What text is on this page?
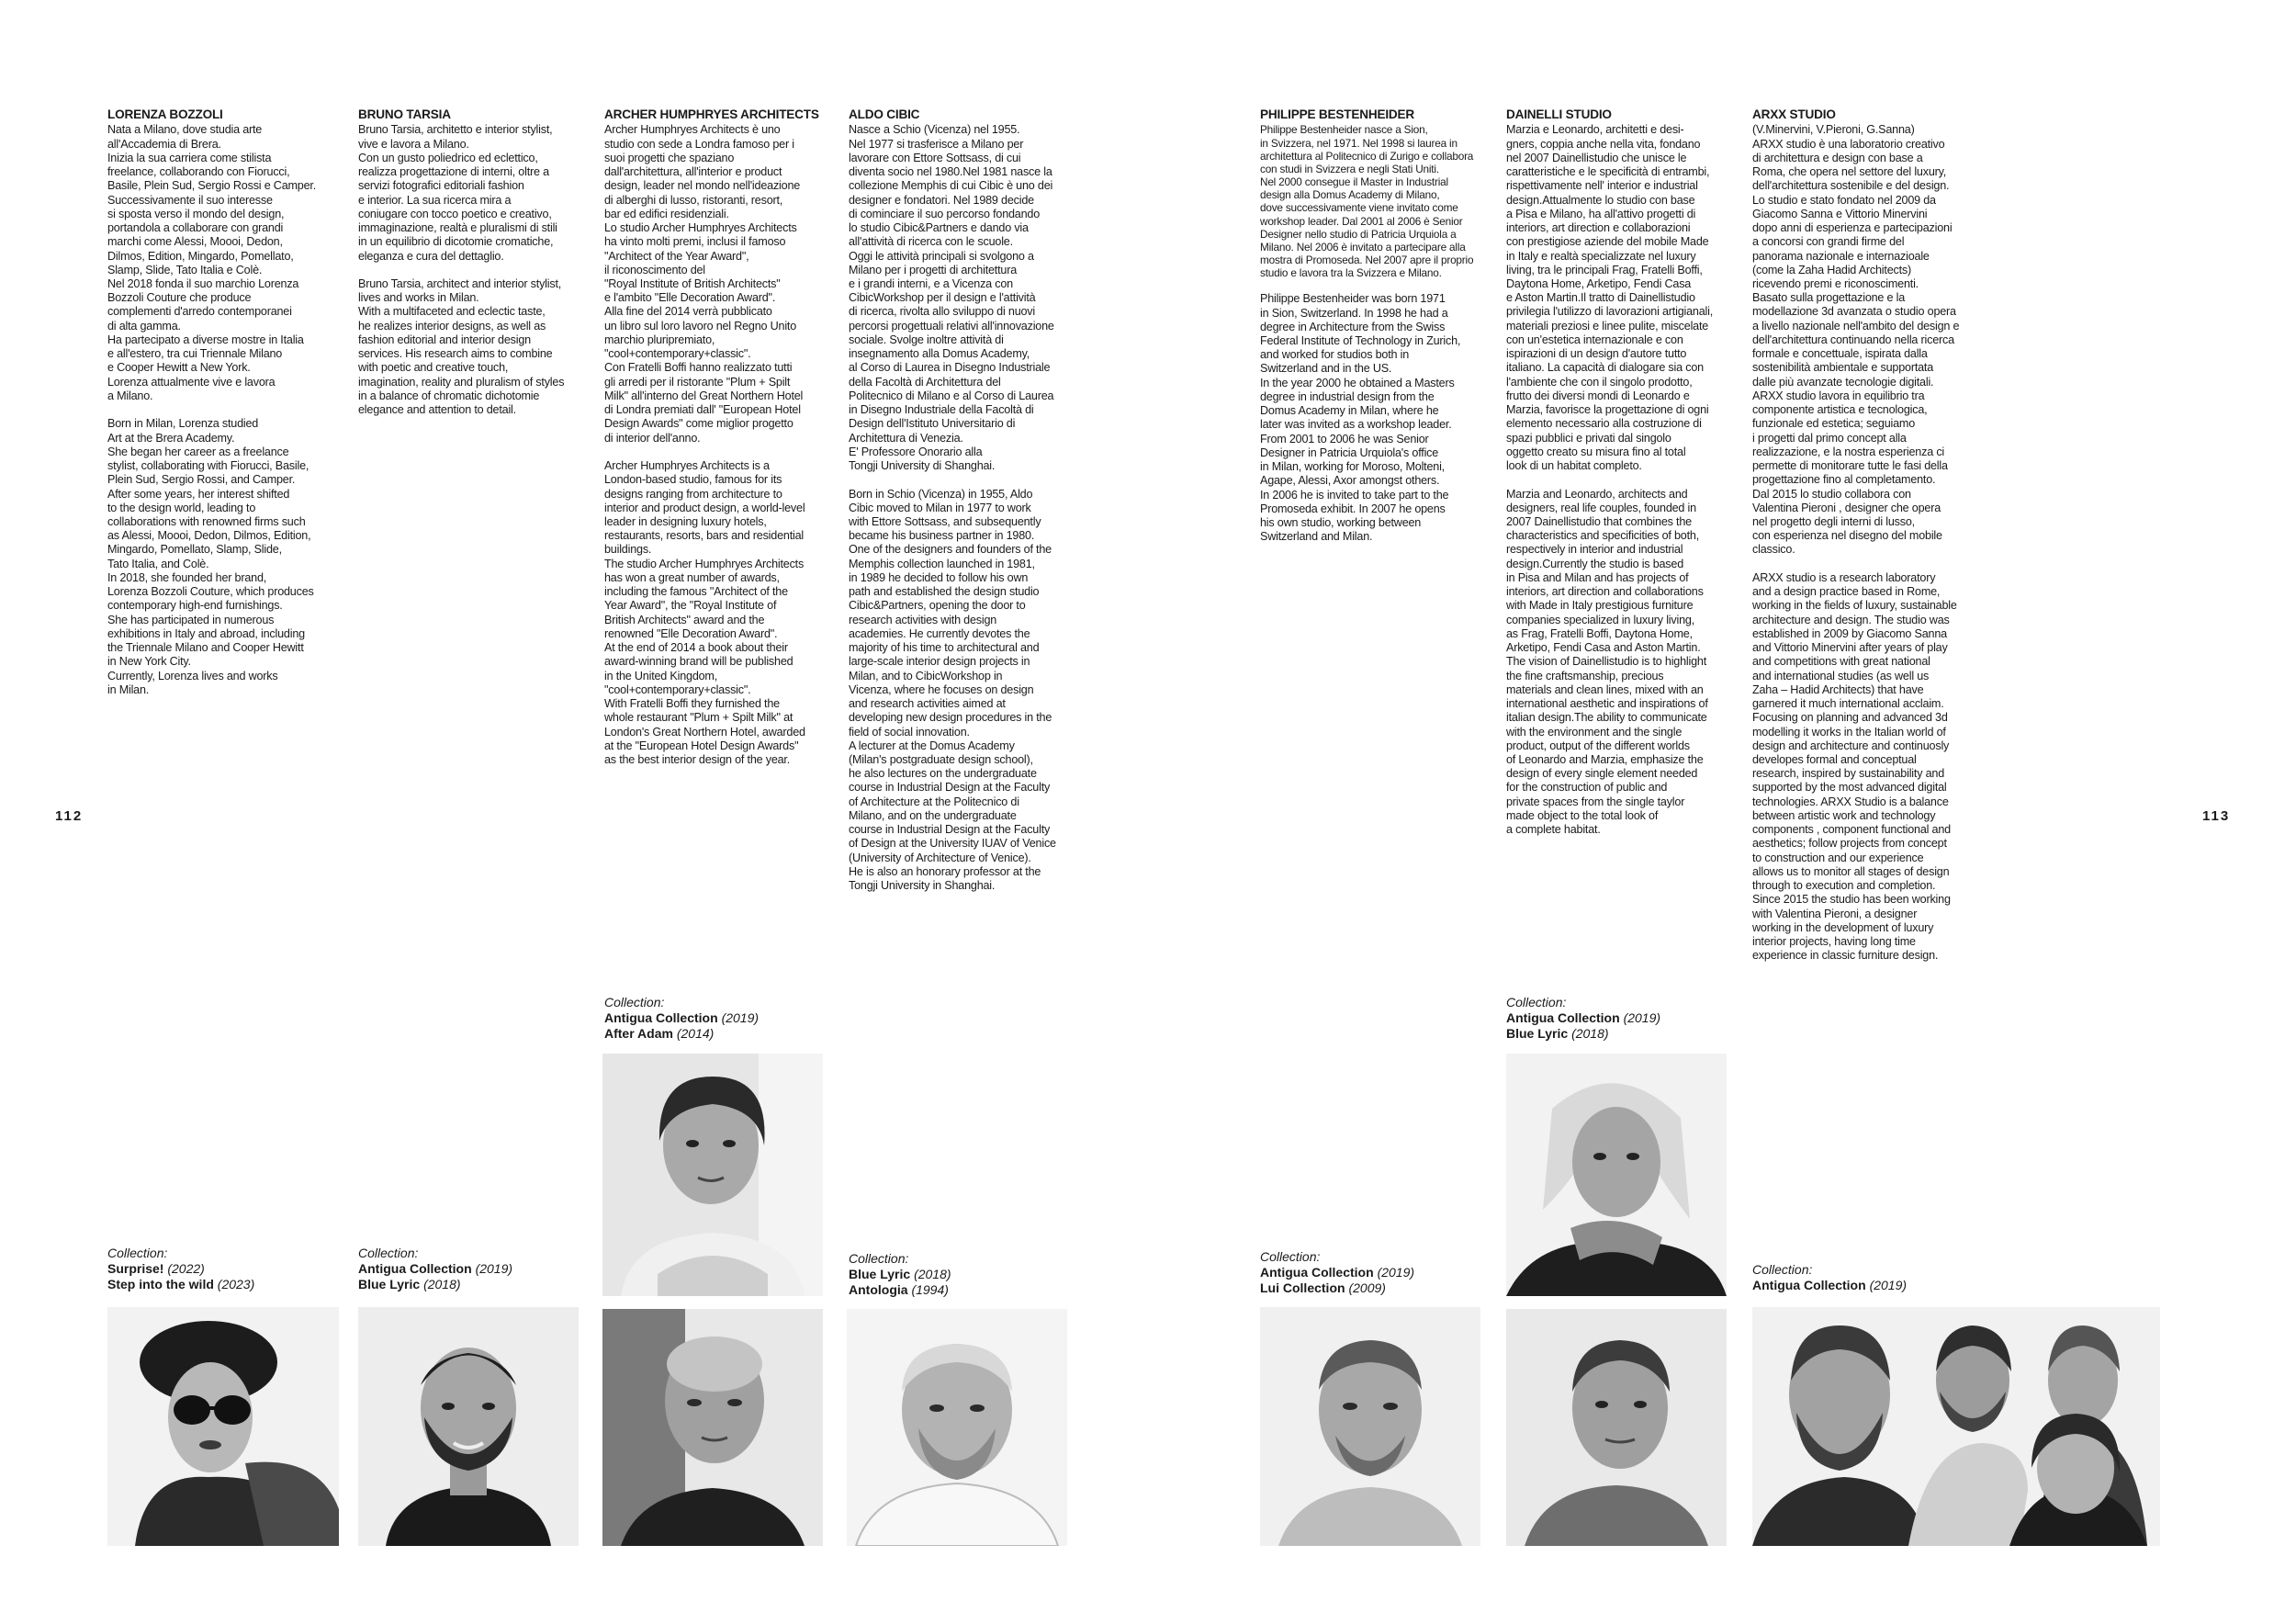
112	113
LORENZA BOZZOLI
Nata a Milano, dove studia arte
all'Accademia di Brera.
Inizia la sua carriera come stilista
freelance, collaborando con Fiorucci,
Basile, Plein Sud, Sergio Rossi e Camper.
Successivamente il suo interesse
si sposta verso il mondo del design,
portandola a collaborare con grandi
marchi come Alessi, Moooi, Dedon,
Dilmos, Edition, Mingardo, Pomellato,
Slamp, Slide, Tato Italia e Colè.
Nel 2018 fonda il suo marchio Lorenza
Bozzoli Couture che produce
complementi d'arredo contemporanei
di alta gamma.
Ha partecipato a diverse mostre in Italia
e all'estero, tra cui Triennale Milano
e Cooper Hewitt a New York.
Lorenza attualmente vive e lavora
a Milano.

Born in Milan, Lorenza studied
Art at the Brera Academy.
She began her career as a freelance
stylist, collaborating with Fiorucci, Basile,
Plein Sud, Sergio Rossi, and Camper.
After some years, her interest shifted
to the design world, leading to
collaborations with renowned firms such
as Alessi, Moooi, Dedon, Dilmos, Edition,
Mingardo, Pomellato, Slamp, Slide,
Tato Italia, and Colè.
In 2018, she founded her brand,
Lorenza Bozzoli Couture, which produces
contemporary high-end furnishings.
She has participated in numerous
exhibitions in Italy and abroad, including
the Triennale Milano and Cooper Hewitt
in New York City.
Currently, Lorenza lives and works
in Milan.
Collection:
Surprise! (2022)
Step into the wild (2023)
BRUNO TARSIA
Bruno Tarsia, architetto e interior stylist,
vive e lavora a Milano.
Con un gusto poliedrico ed eclettico,
realizza progettazione di interni, oltre a
servizi fotografici editoriali fashion
e interior. La sua ricerca mira a
coniugare con tocco poetico e creativo,
immaginazione, realtà e pluralismi di stili
in un equilibrio di dicotomie cromatiche,
eleganza e cura del dettaglio.

Bruno Tarsia, architect and interior stylist,
lives and works in Milan.
With a multifaceted and eclectic taste,
he realizes interior designs, as well as
fashion editorial and interior design
services. His research aims to combine
with poetic and creative touch,
imagination, reality and pluralism of styles
in a balance of chromatic dichotomie
elegance and attention to detail.
Collection:
Antigua Collection (2019)
Blue Lyric (2018)
ARCHER HUMPHRYES ARCHITECTS
Archer Humphryes Architects è uno
studio con sede a Londra famoso per i
suoi progetti che spaziano
dall'architettura, all'interior e product
design, leader nel mondo nell'ideazione
di alberghi di lusso, ristoranti, resort,
bar ed edifici residenziali.
Lo studio Archer Humphryes Architects
ha vinto molti premi, inclusi il famoso
"Architect of the Year Award",
il riconoscimento del
"Royal Institute of British Architects"
e l'ambito "Elle Decoration Award".
Alla fine del 2014 verrà pubblicato
un libro sul loro lavoro nel Regno Unito
marchio pluripremiato,
"cool+contemporary+classic".
Con Fratelli Boffi hanno realizzato tutti
gli arredi per il ristorante "Plum + Spilt
Milk" all'interno del Great Northern Hotel
di Londra premiati dall' "European Hotel
Design Awards" come miglior progetto
di interior dell'anno.

Archer Humphryes Architects is a
London-based studio, famous for its
designs ranging from architecture to
interior and product design, a world-level
leader in designing luxury hotels,
restaurants, resorts, bars and residential
buildings.
The studio Archer Humphryes Architects
has won a great number of awards,
including the famous "Architect of the
Year Award", the "Royal Institute of
British Architects" award and the
renowned "Elle Decoration Award".
At the end of 2014 a book about their
award-winning brand will be published
in the United Kingdom,
"cool+contemporary+classic".
With Fratelli Boffi they furnished the
whole restaurant "Plum + Spilt Milk" at
London's Great Northern Hotel, awarded
at the "European Hotel Design Awards"
as the best interior design of the year.
Collection:
Antigua Collection (2019)
After Adam (2014)
ALDO CIBIC
Nasce a Schio (Vicenza) nel 1955.
Nel 1977 si trasferisce a Milano per
lavorare con Ettore Sottsass, di cui
diventa socio nel 1980.Nel 1981 nasce la
collezione Memphis di cui Cibic è uno dei
designer e fondatori. Nel 1989 decide
di cominciare il suo percorso fondando
lo studio Cibic&Partners e dando via
all'attività di ricerca con le scuole.
Oggi le attività principali si svolgono a
Milano per i progetti di architettura
e i grandi interni, e a Vicenza con
CibicWorkshop per il design e l'attività
di ricerca, rivolta allo sviluppo di nuovi
percorsi progettuali relativi all'innovazione
sociale. Svolge inoltre attività di
insegnamento alla Domus Academy,
al Corso di Laurea in Disegno Industriale
della Facoltà di Architettura del
Politecnico di Milano e al Corso di Laurea
in Disegno Industriale della Facoltà di
Design dell'Istituto Universitario di
Architettura di Venezia.
E' Professore Onorario alla
Tongji University di Shanghai.

Born in Schio (Vicenza) in 1955, Aldo
Cibic moved to Milan in 1977 to work
with Ettore Sottsass, and subsequently
became his business partner in 1980.
One of the designers and founders of the
Memphis collection launched in 1981,
in 1989 he decided to follow his own
path and established the design studio
Cibic&Partners, opening the door to
research activities with design
academies. He currently devotes the
majority of his time to architectural and
large-scale interior design projects in
Milan, and to CibicWorkshop in
Vicenza, where he focuses on design
and research activities aimed at
developing new design procedures in the
field of social innovation.
A lecturer at the Domus Academy
(Milan's postgraduate design school),
he also lectures on the undergraduate
course in Industrial Design at the Faculty
of Architecture at the Politecnico di
Milano, and on the undergraduate
course in Industrial Design at the Faculty
of Design at the University IUAV of Venice
(University of Architecture of Venice).
He is also an honorary professor at the
Tongji University in Shanghai.
Collection:
Blue Lyric (2018)
Antologia (1994)
PHILIPPE BESTENHEIDER
Philippe Bestenheider nasce a Sion,
in Svizzera, nel 1971. Nel 1998 si laurea in
architettura al Politecnico di Zurigo e collabora
con studi in Svizzera e negli Stati Uniti.
Nel 2000 consegue il Master in Industrial
design alla Domus Academy di Milano,
dove successivamente viene invitato come
workshop leader. Dal 2001 al 2006 è Senior
Designer nello studio di Patricia Urquiola a
Milano. Nel 2006 è invitato a partecipare alla
mostra di Promoseda. Nel 2007 apre il proprio
studio e lavora tra la Svizzera e Milano.
Philippe Bestenheider was born 1971
in Sion, Switzerland. In 1998 he had a
degree in Architecture from the Swiss
Federal Institute of Technology in Zurich,
and worked for studios both in
Switzerland and in the US.
In the year 2000 he obtained a Masters
degree in industrial design from the
Domus Academy in Milan, where he
later was invited as a workshop leader.
From 2001 to 2006 he was Senior
Designer in Patricia Urquiola's office
in Milan, working for Moroso, Molteni,
Agape, Alessi, Axor amongst others.
In 2006 he is invited to take part to the
Promoseda exhibit. In 2007 he opens
his own studio, working between
Switzerland and Milan.
Collection:
Antigua Collection (2019)
Lui Collection (2009)
DAINELLI STUDIO
Marzia e Leonardo, architetti e desi-
gners, coppia anche nella vita, fondano
nel 2007 Dainellistudio che unisce le
caratteristiche e le specificità di entrambi,
rispettivamente nell' interior e industrial
design.Attualmente lo studio con base
a Pisa e Milano, ha all'attivo progetti di
interiors, art direction e collaborazioni
con prestigiose aziende del mobile Made
in Italy e realtà specializzate nel luxury
living, tra le principali Frag, Fratelli Boffi,
Daytona Home, Arketipo, Fendi Casa
e Aston Martin.Il tratto di Dainellistudio
privilegia l'utilizzo di lavorazioni artigianali,
materiali preziosi e linee pulite, miscelate
con un'estetica internazionale e con
ispirazioni di un design d'autore tutto
italiano. La capacità di dialogare sia con
l'ambiente che con il singolo prodotto,
frutto dei diversi mondi di Leonardo e
Marzia, favorisce la progettazione di ogni
elemento necessario alla costruzione di
spazi pubblici e privati dal singolo
oggetto creato su misura fino al total
look di un habitat completo.

Marzia and Leonardo, architects and
designers, real life couples, founded in
2007 Dainellistudio that combines the
characteristics and specificities of both,
respectively in interior and industrial
design.Currently the studio is based
in Pisa and Milan and has projects of
interiors, art direction and collaborations
with Made in Italy prestigious furniture
companies specialized in luxury living,
as Frag, Fratelli Boffi, Daytona Home,
Arketipo, Fendi Casa and Aston Martin.
The vision of Dainellistudio is to highlight
the fine craftsmanship, precious
materials and clean lines, mixed with an
international aesthetic and inspirations of
italian design.The ability to communicate
with the environment and the single
product, output of the different worlds
of Leonardo and Marzia, emphasize the
design of every single element needed
for the construction of public and
private spaces from the single taylor
made object to the total look of
a complete habitat.
Collection:
Antigua Collection (2019)
Blue Lyric (2018)
ARXX STUDIO
(V.Minervini, V.Pieroni, G.Sanna)
ARXX studio è una laboratorio creativo
di architettura e design con base a
Roma, che opera nel settore del luxury,
dell'architettura sostenibile e del design.
Lo studio e stato fondato nel 2009 da
Giacomo Sanna e Vittorio Minervini
dopo anni di esperienza e partecipazioni
a concorsi con grandi firme del
panorama nazionale e internazioale
(come la Zaha Hadid Architects)
ricevendo premi e riconoscimenti.
Basato sulla progettazione e la
modellazione 3d avanzata o studio opera
a livello nazionale nell'ambito del design e
dell'architettura continuando nella ricerca
formale e concettuale, ispirata dalla
sostenibilità ambientale e supportata
dalle più avanzate tecnologie digitali.
ARXX studio lavora in equilibrio tra
componente artistica e tecnologica,
funzionale ed estetica; seguiamo
i progetti dal primo concept alla
realizzazione, e la nostra esperienza ci
permette di monitorare tutte le fasi della
progettazione fino al completamento.
Dal 2015 lo studio collabora con
Valentina Pieroni , designer che opera
nel progetto degli interni di lusso,
con esperienza nel disegno del mobile
classico.

ARXX studio is a research laboratory
and a design practice based in Rome,
working in the fields of luxury, sustainable
architecture and design. The studio was
established in 2009 by Giacomo Sanna
and Vittorio Minervini after years of play
and competitions with great national
and international studies (as well us
Zaha – Hadid Architects) that have
garnered it much international acclaim.
Focusing on planning and advanced 3d
modelling it works in the Italian world of
design and architecture and continuosly
developes formal and conceptual
research, inspired by sustainability and
supported by the most advanced digital
technologies. ARXX Studio is a balance
between artistic work and technology
components , component functional and
aesthetics; follow projects from concept
to construction and our experience
allows us to monitor all stages of design
through to execution and completion.
Since 2015 the studio has been working
with Valentina Pieroni, a designer
working in the development of luxury
interior projects, having long time
experience in classic furniture design.
Collection:
Antigua Collection (2019)
